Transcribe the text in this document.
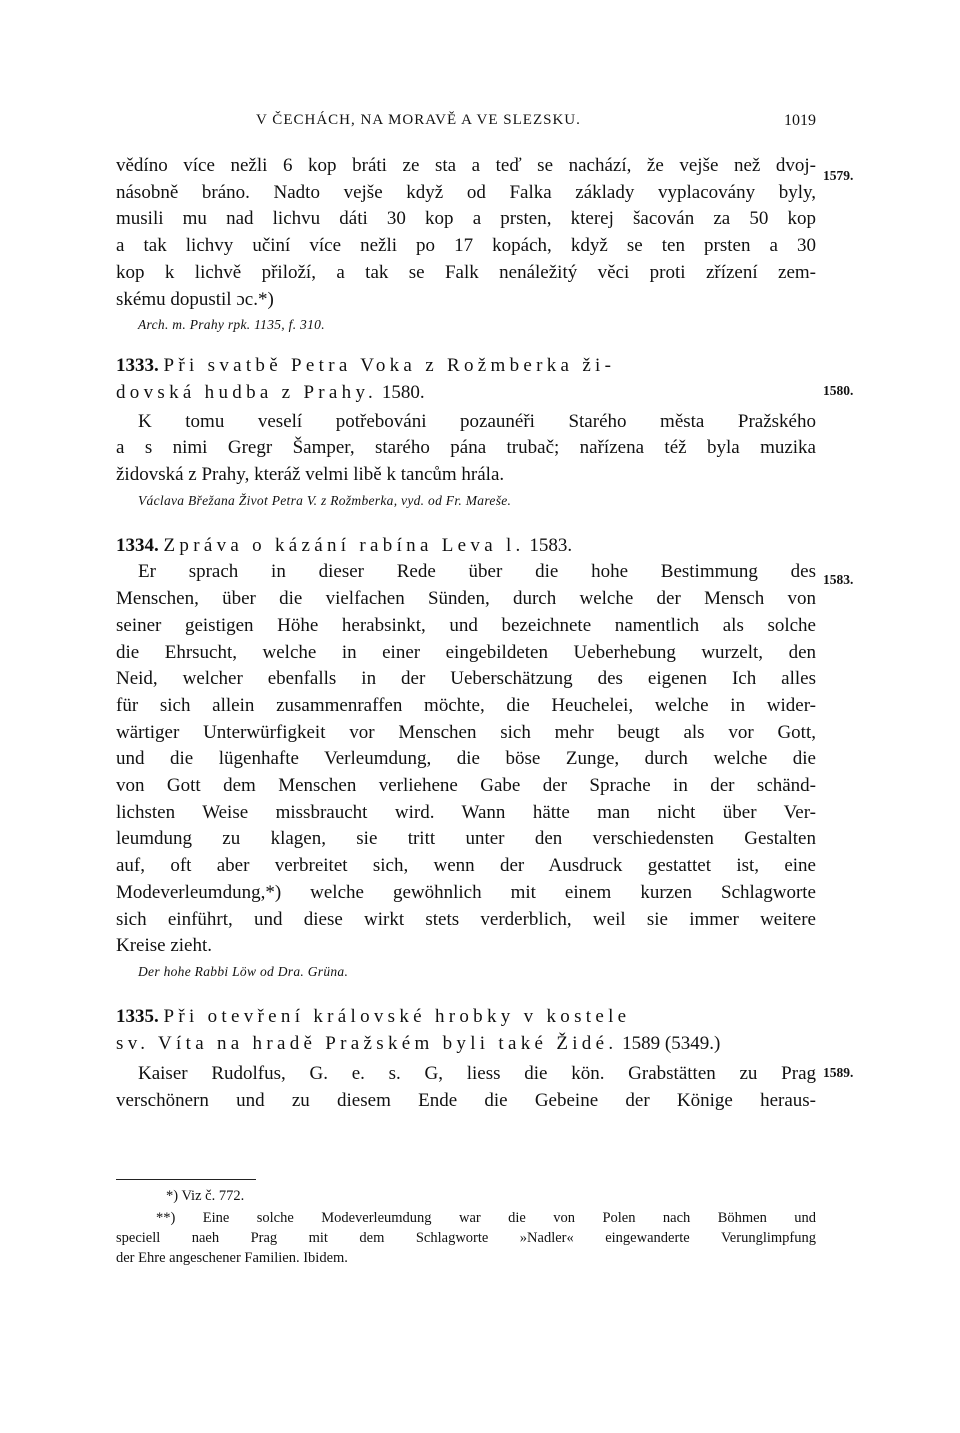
V ČECHÁCH, NA MORAVĚ A VE SLEZSKU.	1019

vědíno více nežli 6 kop bráti ze sta a teď se nachází, že vejše než dvoj-
násobně bráno. Nadto vejše když od Falka základy vyplacovány byly,
musili mu nad lichvu dáti 30 kop a prsten, kterej šacován za 50 kop
a tak lichvy učiní více nežli po 17 kopách, když se ten prsten a 30
kop k lichvě přiloží, a tak se Falk nenáležitý věci proti zřízení zem-
skému dopustil ɔc.*)

Arch. m. Prahy rpk. 1135, f. 310.
1333. Při svatbě Petra Voka z Rožmberka ži-
dovská hudba z Prahy. 1580.

K tomu veselí potřebováni pozaunéři Starého města Pražského
a s nimi Gregr Šamper, starého pána trubač; nařízena též byla muzika
židovská z Prahy, kteráž velmi libě k tancům hrála.

Václava Břežana Život Petra V. z Rožmberka, vyd. od Fr. Mareše.
1334. Zpráva o kázání rabína Leva l. 1583.

Er sprach in dieser Rede über die hohe Bestimmung des
Menschen, über die vielfachen Sünden, durch welche der Mensch von
seiner geistigen Höhe herabsinkt, und bezeichnete namentlich als solche
die Ehrsucht, welche in einer eingebildeten Ueberhebung wurzelt, den
Neid, welcher ebenfalls in der Ueberschätzung des eigenen Ich alles
für sich allein zusammenraffen möchte, die Heuchelei, welche in wider-
wärtiger Unterwürfigkeit vor Menschen sich mehr beugt als vor Gott,
und die lügenhafte Verleumdung, die böse Zunge, durch welche die
von Gott dem Menschen verliehene Gabe der Sprache in der schänd-
lichsten Weise missbraucht wird. Wann hätte man nicht über Ver-
leumdung zu klagen, sie tritt unter den verschiedensten Gestalten
auf, oft aber verbreitet sich, wenn der Ausdruck gestattet ist, eine
Modeverleumdung,*) welche gewöhnlich mit einem kurzen Schlagworte
sich einführt, und diese wirkt stets verderblich, weil sie immer weitere
Kreise zieht.

Der hohe Rabbi Löw od Dra. Grüna.
1335. Při otevření královské hrobky v kostele
sv. Víta na hradě Pražském byli také Židé. 1589 (5349.)

Kaiser Rudolfus, G. e. s. G, liess die kön. Grabstätten zu Prag
verschönern und zu diesem Ende die Gebeine der Könige heraus-

1579.
1580.
1583.
1589.
*) Viz č. 772.
**) Eine solche Modeverleumdung war die von Polen nach Böhmen und
speciell naeh Prag mit dem Schlagworte »Nadler« eingewanderte Verunglimpfung
der Ehre angeschener Familien. Ibidem.
